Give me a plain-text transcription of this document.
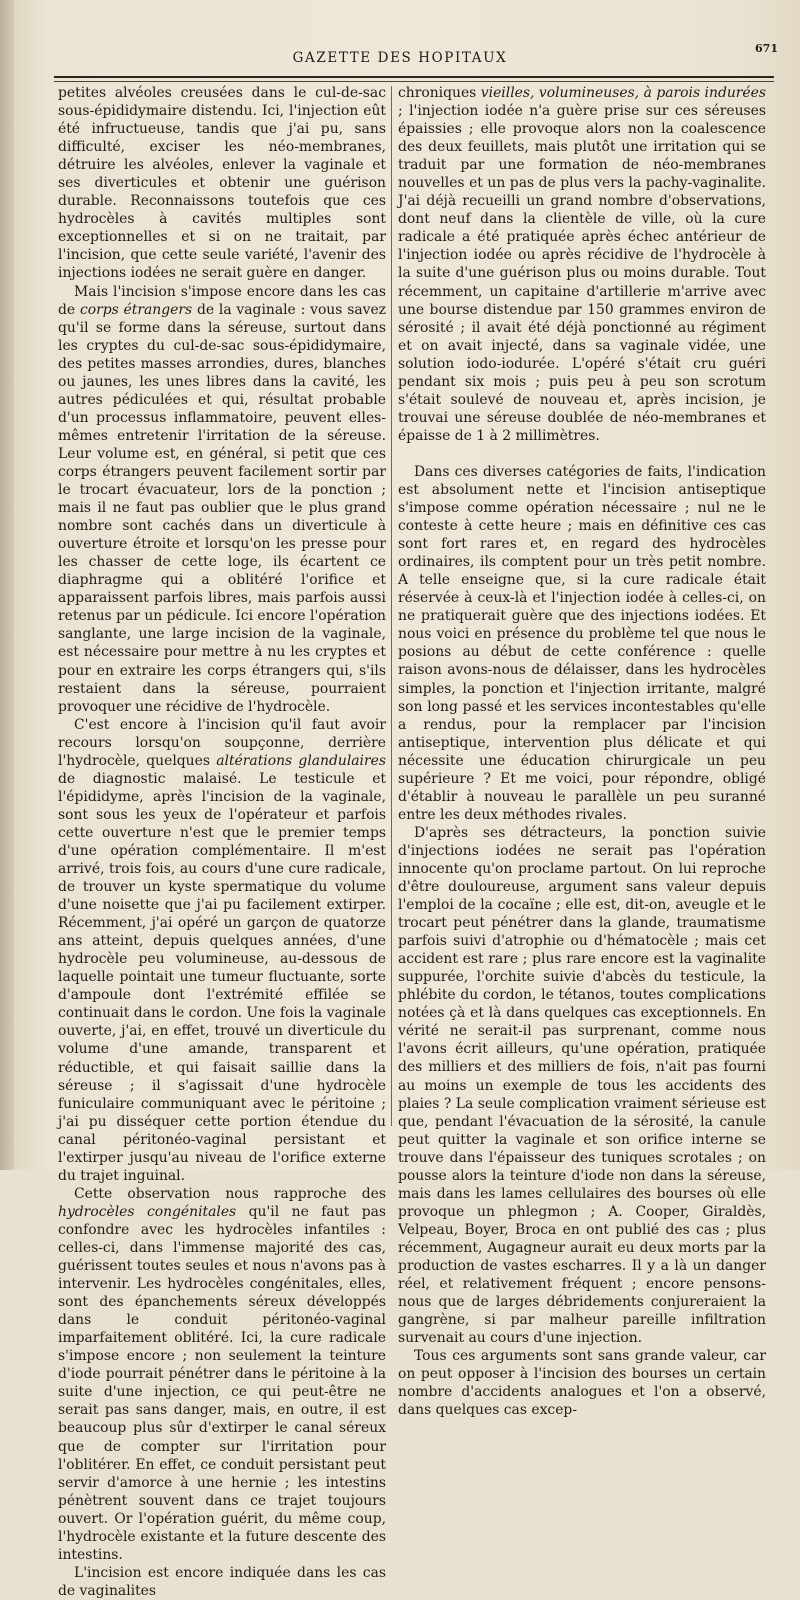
GAZETTE DES HOPITAUX
671

petites alvéoles creusées dans le cul-de-sac sous-épididymaire distendu. Ici, l'injection eût été infructueuse, tandis que j'ai pu, sans difficulté, exciser les néo-membranes, détruire les alvéoles, enlever la vaginale et ses diverticules et obtenir une guérison durable. Reconnaissons toutefois que ces hydrocèles à cavités multiples sont exceptionnelles et si on ne traitait, par l'incision, que cette seule variété, l'avenir des injections iodées ne serait guère en danger.

Mais l'incision s'impose encore dans les cas de corps étrangers de la vaginale : vous savez qu'il se forme dans la séreuse, surtout dans les cryptes du cul-de-sac sous-épididymaire, des petites masses arrondies, dures, blanches ou jaunes, les unes libres dans la cavité, les autres pédiculées et qui, résultat probable d'un processus inflammatoire, peuvent elles-mêmes entretenir l'irritation de la séreuse. Leur volume est, en général, si petit que ces corps étrangers peuvent facilement sortir par le trocart évacuateur, lors de la ponction ; mais il ne faut pas oublier que le plus grand nombre sont cachés dans un diverticule à ouverture étroite et lorsqu'on les presse pour les chasser de cette loge, ils écartent ce diaphragme qui a oblitéré l'orifice et apparaissent parfois libres, mais parfois aussi retenus par un pédicule. Ici encore l'opération sanglante, une large incision de la vaginale, est nécessaire pour mettre à nu les cryptes et pour en extraire les corps étrangers qui, s'ils restaient dans la séreuse, pourraient provoquer une récidive de l'hydrocèle.

C'est encore à l'incision qu'il faut avoir recours lorsqu'on soupçonne, derrière l'hydrocèle, quelques altérations glandulaires de diagnostic malaisé. Le testicule et l'épididyme, après l'incision de la vaginale, sont sous les yeux de l'opérateur et parfois cette ouverture n'est que le premier temps d'une opération complémentaire. Il m'est arrivé, trois fois, au cours d'une cure radicale, de trouver un kyste spermatique du volume d'une noisette que j'ai pu facilement extirper. Récemment, j'ai opéré un garçon de quatorze ans atteint, depuis quelques années, d'une hydrocèle peu volumineuse, au-dessous de laquelle pointait une tumeur fluctuante, sorte d'ampoule dont l'extrémité effilée se continuait dans le cordon. Une fois la vaginale ouverte, j'ai, en effet, trouvé un diverticule du volume d'une amande, transparent et réductible, et qui faisait saillie dans la séreuse ; il s'agissait d'une hydrocèle funiculaire communiquant avec le péritoine ; j'ai pu disséquer cette portion étendue du canal péritonéo-vaginal persistant et l'extirper jusqu'au niveau de l'orifice externe du trajet inguinal.

Cette observation nous rapproche des hydrocèles congénitales qu'il ne faut pas confondre avec les hydrocèles infantiles : celles-ci, dans l'immense majorité des cas, guérissent toutes seules et nous n'avons pas à intervenir. Les hydrocèles congénitales, elles, sont des épanchements séreux développés dans le conduit péritonéo-vaginal imparfaitement oblitéré. Ici, la cure radicale s'impose encore ; non seulement la teinture d'iode pourrait pénétrer dans le péritoine à la suite d'une injection, ce qui peut-être ne serait pas sans danger, mais, en outre, il est beaucoup plus sûr d'extirper le canal séreux que de compter sur l'irritation pour l'oblitérer. En effet, ce conduit persistant peut servir d'amorce à une hernie ; les intestins pénètrent souvent dans ce trajet toujours ouvert. Or l'opération guérit, du même coup, l'hydrocèle existante et la future descente des intestins.

L'incision est encore indiquée dans les cas de vaginalites

chroniques vieilles, volumineuses, à parois indurées ; l'injection iodée n'a guère prise sur ces séreuses épaissies ; elle provoque alors non la coalescence des deux feuillets, mais plutôt une irritation qui se traduit par une formation de néo-membranes nouvelles et un pas de plus vers la pachy-vaginalite. J'ai déjà recueilli un grand nombre d'observations, dont neuf dans la clientèle de ville, où la cure radicale a été pratiquée après échec antérieur de l'injection iodée ou après récidive de l'hydrocèle à la suite d'une guérison plus ou moins durable. Tout récemment, un capitaine d'artillerie m'arrive avec une bourse distendue par 150 grammes environ de sérosité ; il avait été déjà ponctionné au régiment et on avait injecté, dans sa vaginale vidée, une solution iodo-iodurée. L'opéré s'était cru guéri pendant six mois ; puis peu à peu son scrotum s'était soulevé de nouveau et, après incision, je trouvai une séreuse doublée de néo-membranes et épaisse de 1 à 2 millimètres.

Dans ces diverses catégories de faits, l'indication est absolument nette et l'incision antiseptique s'impose comme opération nécessaire ; nul ne le conteste à cette heure ; mais en définitive ces cas sont fort rares et, en regard des hydrocèles ordinaires, ils comptent pour un très petit nombre. A telle enseigne que, si la cure radicale était réservée à ceux-là et l'injection iodée à celles-ci, on ne pratiquerait guère que des injections iodées. Et nous voici en présence du problème tel que nous le posions au début de cette conférence : quelle raison avons-nous de délaisser, dans les hydrocèles simples, la ponction et l'injection irritante, malgré son long passé et les services incontestables qu'elle a rendus, pour la remplacer par l'incision antiseptique, intervention plus délicate et qui nécessite une éducation chirurgicale un peu supérieure ? Et me voici, pour répondre, obligé d'établir à nouveau le parallèle un peu suranné entre les deux méthodes rivales.

D'après ses détracteurs, la ponction suivie d'injections iodées ne serait pas l'opération innocente qu'on proclame partout. On lui reproche d'être douloureuse, argument sans valeur depuis l'emploi de la cocaïne ; elle est, dit-on, aveugle et le trocart peut pénétrer dans la glande, traumatisme parfois suivi d'atrophie ou d'hématocèle ; mais cet accident est rare ; plus rare encore est la vaginalite suppurée, l'orchite suivie d'abcès du testicule, la phlébite du cordon, le tétanos, toutes complications notées çà et là dans quelques cas exceptionnels. En vérité ne serait-il pas surprenant, comme nous l'avons écrit ailleurs, qu'une opération, pratiquée des milliers et des milliers de fois, n'ait pas fourni au moins un exemple de tous les accidents des plaies ? La seule complication vraiment sérieuse est que, pendant l'évacuation de la sérosité, la canule peut quitter la vaginale et son orifice interne se trouve dans l'épaisseur des tuniques scrotales ; on pousse alors la teinture d'iode non dans la séreuse, mais dans les lames cellulaires des bourses où elle provoque un phlegmon ; A. Cooper, Giraldès, Velpeau, Boyer, Broca en ont publié des cas ; plus récemment, Augagneur aurait eu deux morts par la production de vastes escharres. Il y a là un danger réel, et relativement fréquent ; encore pensons-nous que de larges débridements conjureraient la gangrène, si par malheur pareille infiltration survenait au cours d'une injection.

Tous ces arguments sont sans grande valeur, car on peut opposer à l'incision des bourses un certain nombre d'accidents analogues et l'on a observé, dans quelques cas excep-
